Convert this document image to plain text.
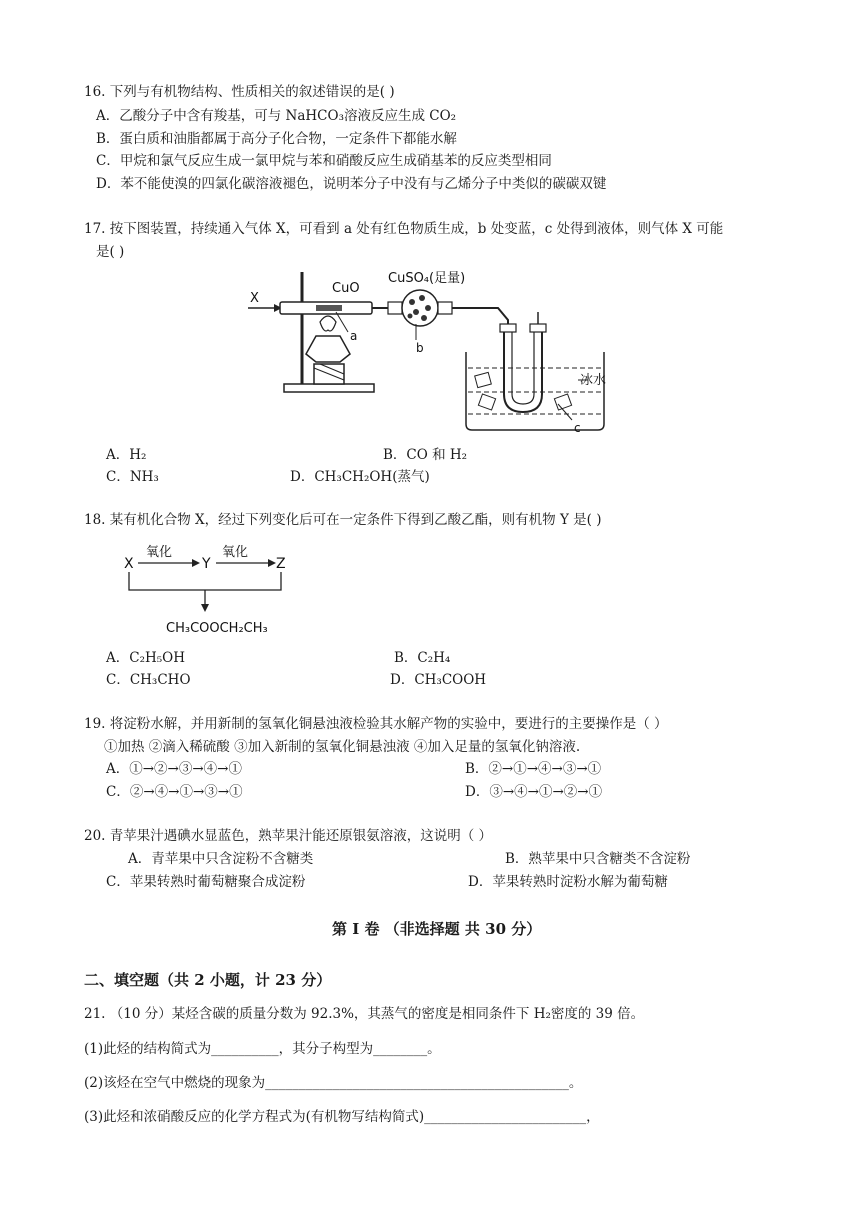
16. 下列与有机物结构、性质相关的叙述错误的是( )
A．乙酸分子中含有羧基，可与 NaHCO₃溶液反应生成 CO₂
B．蛋白质和油脂都属于高分子化合物，一定条件下都能水解
C．甲烷和氯气反应生成一氯甲烷与苯和硝酸反应生成硝基苯的反应类型相同
D．苯不能使溴的四氯化碳溶液褪色，说明苯分子中没有与乙烯分子中类似的碳碳双键
17. 按下图装置，持续通入气体 X，可看到 a 处有红色物质生成，b 处变蓝，c 处得到液体，则气体 X 可能
是( )
X
CuO
CuSO₄(足量)
a
b
c
冰水
A．H₂	B．CO 和 H₂
C．NH₃	D．CH₃CH₂OH(蒸气)
18. 某有机化合物 X，经过下列变化后可在一定条件下得到乙酸乙酯，则有机物 Y 是( )
X	Y	Z
氧化	氧化
CH₃COOCH₂CH₃
A．C₂H₅OH	B．C₂H₄
C．CH₃CHO	D．CH₃COOH
19. 将淀粉水解，并用新制的氢氧化铜悬浊液检验其水解产物的实验中，要进行的主要操作是（ ）
①加热 ②滴入稀硫酸 ③加入新制的氢氧化铜悬浊液 ④加入足量的氢氧化钠溶液.
A．①→②→③→④→①	B．②→①→④→③→①
C．②→④→①→③→①	D．③→④→①→②→①
20. 青苹果汁遇碘水显蓝色，熟苹果汁能还原银氨溶液，这说明（ ）
A．青苹果中只含淀粉不含糖类	B．熟苹果中只含糖类不含淀粉
C．苹果转熟时葡萄糖聚合成淀粉	D．苹果转熟时淀粉水解为葡萄糖
第 I 卷 （非选择题 共 30 分）
二、填空题（共 2 小题，计 23 分）
21. （10 分）某烃含碳的质量分数为 92.3%，其蒸气的密度是相同条件下 H₂密度的 39 倍。
(1)此烃的结构简式为__________，其分子构型为________。
(2)该烃在空气中燃烧的现象为_____________________________________________。
(3)此烃和浓硝酸反应的化学方程式为(有机物写结构简式)________________________，
